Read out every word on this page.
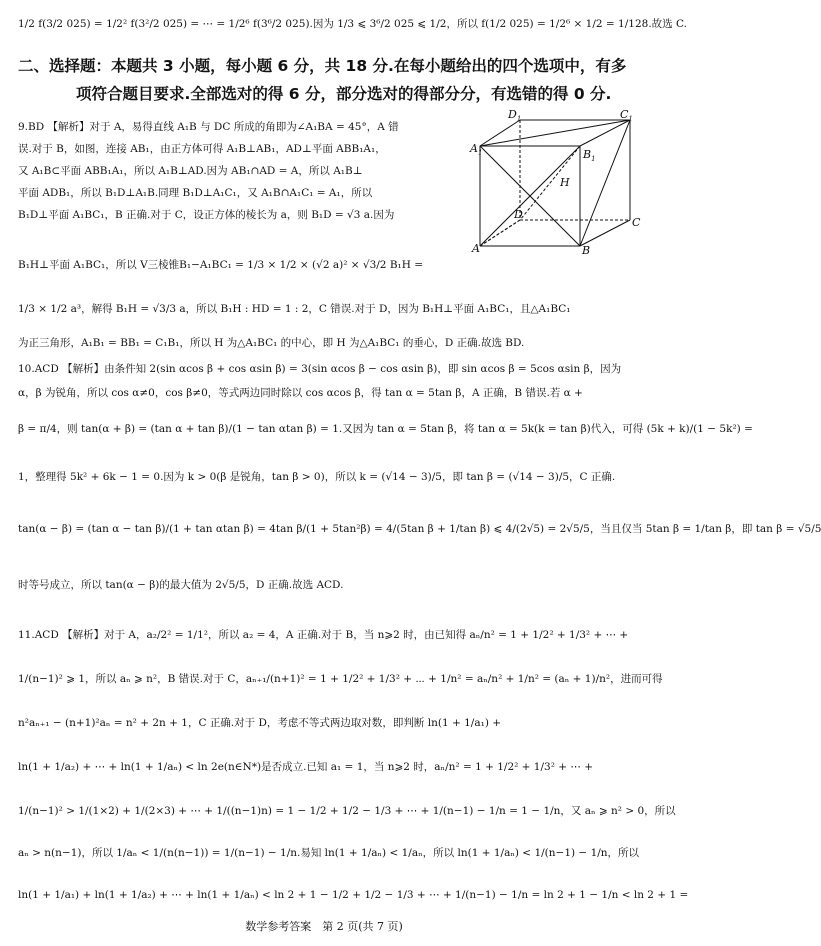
1/2 f(3/2 025) = 1/2² f(3²/2 025) = ⋯ = 1/2⁶ f(3⁶/2 025).因为 1/3 ⩽ 3⁶/2 025 ⩽ 1/2，所以 f(1/2 025) = 1/2⁶ × 1/2 = 1/128.故选 C.
二、选择题：本题共 3 小题，每小题 6 分，共 18 分.在每小题给出的四个选项中，有多
项符合题目要求.全部选对的得 6 分，部分选对的得部分分，有选错的得 0 分.
9.BD 【解析】对于 A，易得直线 A₁B 与 DC 所成的角即为∠A₁BA = 45°，A 错
误.对于 B，如图，连接 AB₁，由正方体可得 A₁B⊥AB₁，AD⊥平面 ABB₁A₁，
又 A₁B⊂平面 ABB₁A₁，所以 A₁B⊥AD.因为 AB₁∩AD = A，所以 A₁B⊥
平面 ADB₁，所以 B₁D⊥A₁B.同理 B₁D⊥A₁C₁，又 A₁B∩A₁C₁ = A₁，所以
B₁D⊥平面 A₁BC₁，B 正确.对于 C，设正方体的棱长为 a，则 B₁D = √3 a.因为
B₁H⊥平面 A₁BC₁，所以 V三棱锥B₁−A₁BC₁ = 1/3 × 1/2 × (√2 a)² × √3/2 B₁H =
1/3 × 1/2 a³，解得 B₁H = √3/3 a，所以 B₁H : HD = 1 : 2，C 错误.对于 D，因为 B₁H⊥平面 A₁BC₁，且△A₁BC₁
为正三角形，A₁B₁ = BB₁ = C₁B₁，所以 H 为△A₁BC₁ 的中心，即 H 为△A₁BC₁ 的垂心，D 正确.故选 BD.
10.ACD 【解析】由条件知 2(sin αcos β + cos αsin β) = 3(sin αcos β − cos αsin β)，即 sin αcos β = 5cos αsin β，因为
α，β 为锐角，所以 cos α≠0，cos β≠0，等式两边同时除以 cos αcos β，得 tan α = 5tan β，A 正确，B 错误.若 α +
β = π/4，则 tan(α + β) = (tan α + tan β)/(1 − tan αtan β) = 1.又因为 tan α = 5tan β，将 tan α = 5k(k = tan β)代入，可得 (5k + k)/(1 − 5k²) =
1，整理得 5k² + 6k − 1 = 0.因为 k > 0(β 是锐角，tan β > 0)，所以 k = (√14 − 3)/5，即 tan β = (√14 − 3)/5，C 正确.
tan(α − β) = (tan α − tan β)/(1 + tan αtan β) = 4tan β/(1 + 5tan²β) = 4/(5tan β + 1/tan β) ⩽ 4/(2√5) = 2√5/5，当且仅当 5tan β = 1/tan β，即 tan β = √5/5
时等号成立，所以 tan(α − β)的最大值为 2√5/5，D 正确.故选 ACD.
11.ACD 【解析】对于 A，a₂/2² = 1/1²，所以 a₂ = 4，A 正确.对于 B，当 n⩾2 时，由已知得 aₙ/n² = 1 + 1/2² + 1/3² + ⋯ +
1/(n−1)² ⩾ 1，所以 aₙ ⩾ n²，B 错误.对于 C，aₙ₊₁/(n+1)² = 1 + 1/2² + 1/3² + ⋯ + 1/n² = aₙ/n² + 1/n² = (aₙ + 1)/n²，进而可得
n²aₙ₊₁ − (n+1)²aₙ = n² + 2n + 1，C 正确.对于 D，考虑不等式两边取对数，即判断 ln(1 + 1/a₁) +
ln(1 + 1/a₂) + ⋯ + ln(1 + 1/aₙ) < ln 2e(n∈N*)是否成立.已知 a₁ = 1，当 n⩾2 时，aₙ/n² = 1 + 1/2² + 1/3² + ⋯ +
1/(n−1)² > 1/(1×2) + 1/(2×3) + ⋯ + 1/((n−1)n) = 1 − 1/2 + 1/2 − 1/3 + ⋯ + 1/(n−1) − 1/n = 1 − 1/n，又 aₙ ⩾ n² > 0，所以
aₙ > n(n−1)，所以 1/aₙ < 1/(n(n−1)) = 1/(n−1) − 1/n.易知 ln(1 + 1/aₙ) < 1/aₙ，所以 ln(1 + 1/aₙ) < 1/(n−1) − 1/n，所以
ln(1 + 1/a₁) + ln(1 + 1/a₂) + ⋯ + ln(1 + 1/aₙ) < ln 2 + 1 − 1/2 + 1/2 − 1/3 + ⋯ + 1/(n−1) − 1/n = ln 2 + 1 − 1/n < ln 2 + 1 =
$D_1$	$C_1$
$A_1$	$B_1$
H
D
C
A	B
数学参考答案　第 2 页(共 7 页)
